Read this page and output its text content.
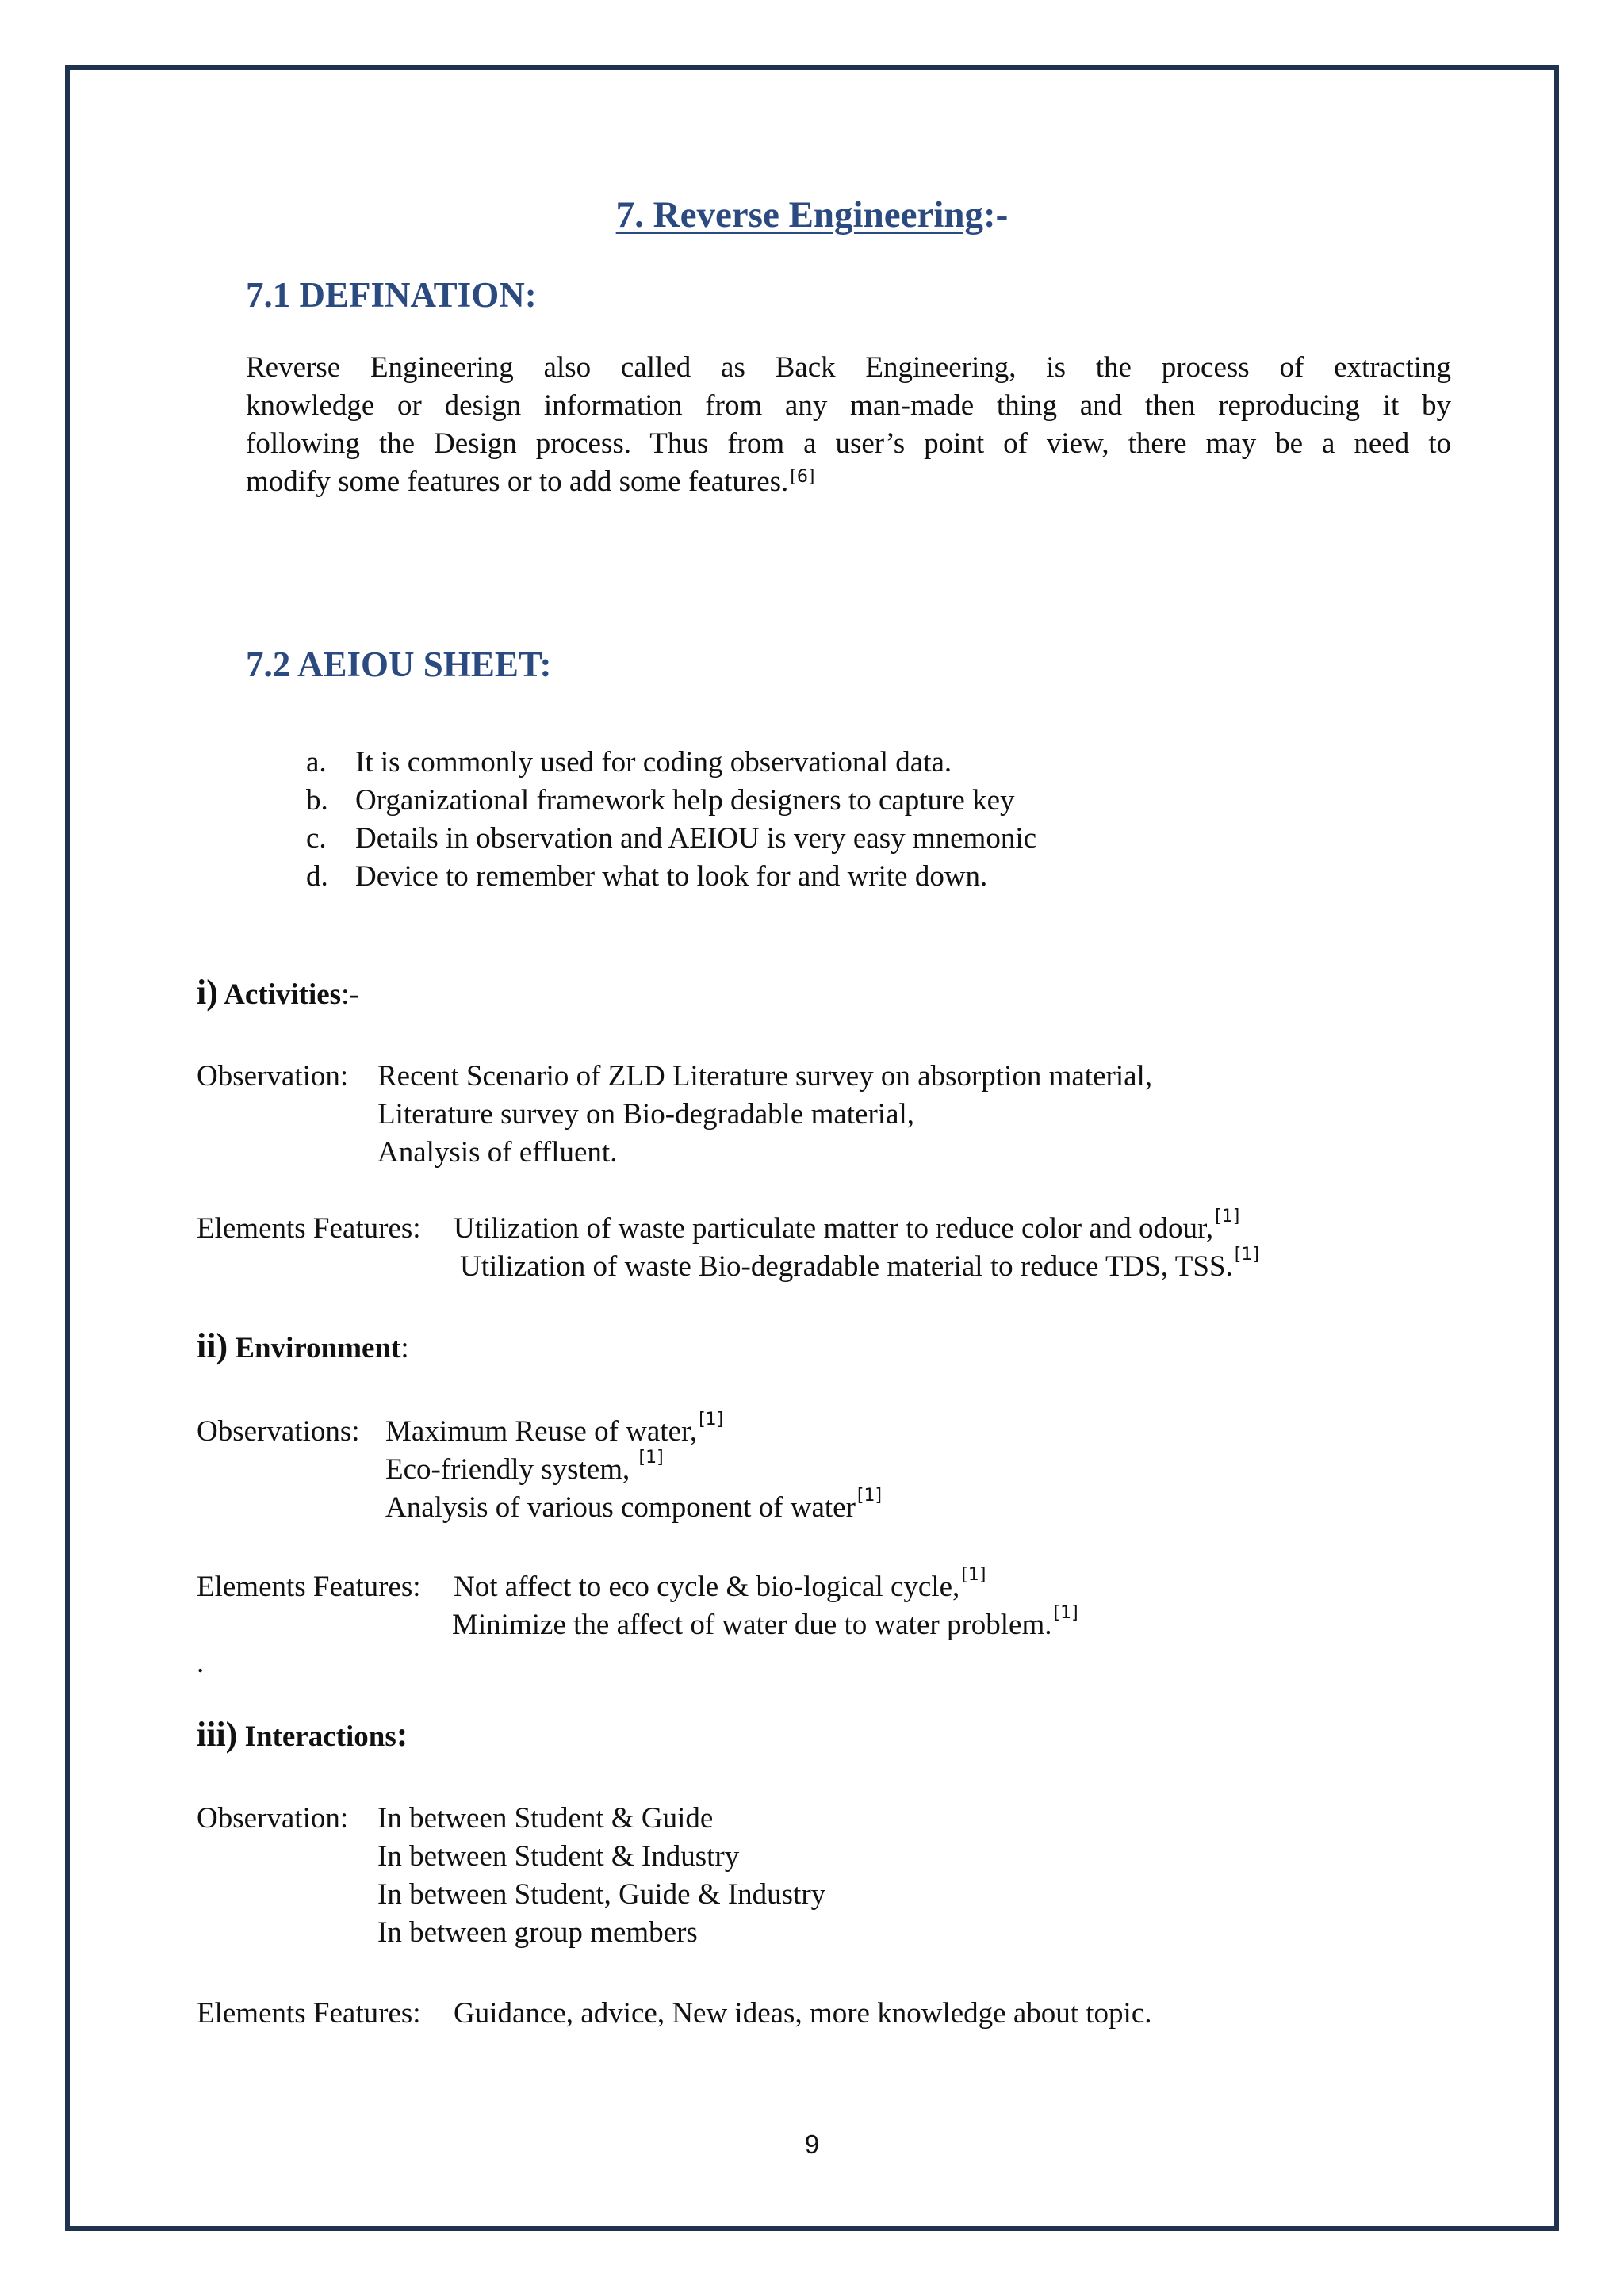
7. Reverse Engineering:-
7.1 DEFINATION:
Reverse Engineering also called as Back Engineering, is the process of extracting
knowledge or design information from any man-made thing and then reproducing it by
following the Design process. Thus from a user’s point of view, there may be a need to
modify some features or to add some features.[6]
7.2 AEIOU SHEET:
a. It is commonly used for coding observational data.
b. Organizational framework help designers to capture key
c. Details in observation and AEIOU is very easy mnemonic
d. Device to remember what to look for and write down.
i) Activities:-
Observation: Recent Scenario of ZLD Literature survey on absorption material,
Literature survey on Bio-degradable material,
Analysis of effluent.
Elements Features: Utilization of waste particulate matter to reduce color and odour,[1]
Utilization of waste Bio-degradable material to reduce TDS, TSS.[1]
ii) Environment:
Observations: Maximum Reuse of water,[1]
Eco-friendly system, [1]
Analysis of various component of water[1]
Elements Features: Not affect to eco cycle & bio-logical cycle,[1]
Minimize the affect of water due to water problem.[1]
.
iii) Interactions:
Observation: In between Student & Guide
In between Student & Industry
In between Student, Guide & Industry
In between group members
Elements Features: Guidance, advice, New ideas, more knowledge about topic.
9
